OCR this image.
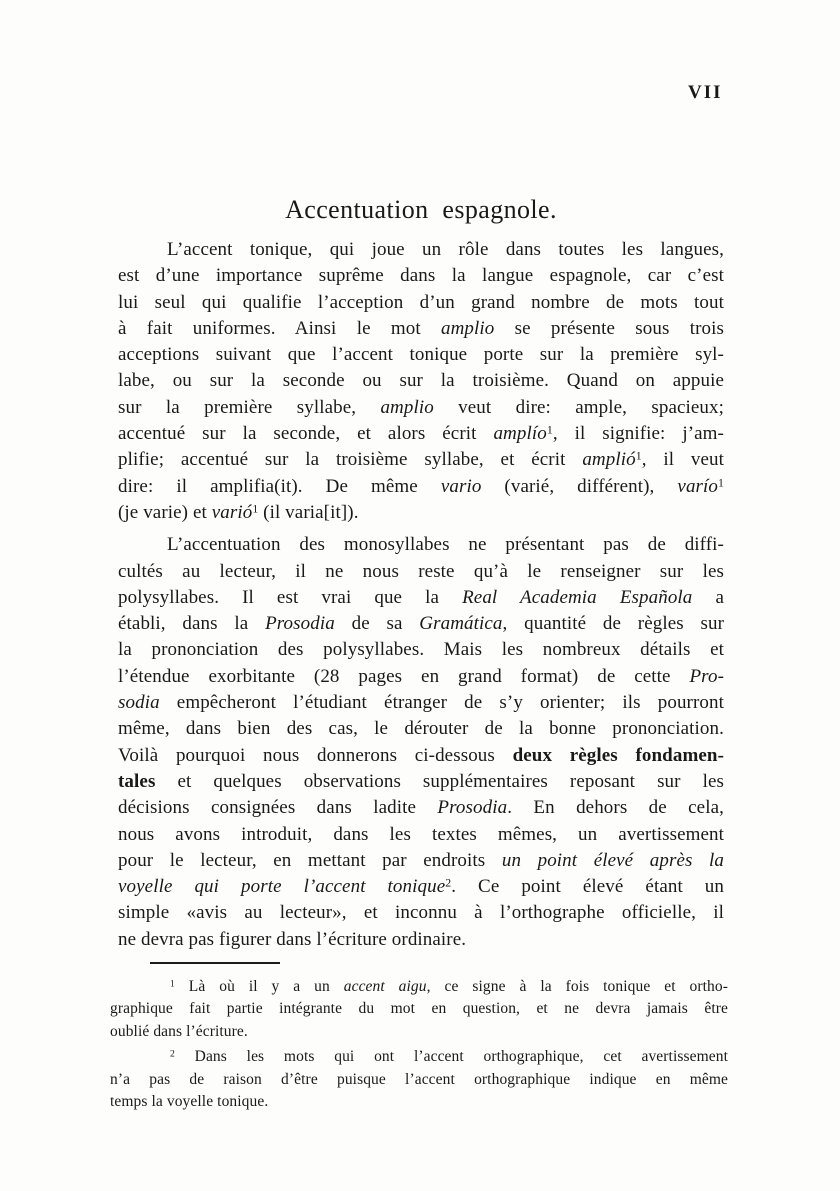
VII
Accentuation espagnole.
L’accent tonique, qui joue un rôle dans toutes les langues,
est d’une importance suprême dans la langue espagnole, car c’est
lui seul qui qualifie l’acception d’un grand nombre de mots tout
à fait uniformes. Ainsi le mot amplio se présente sous trois
acceptions suivant que l’accent tonique porte sur la première syl-
labe, ou sur la seconde ou sur la troisième. Quand on appuie
sur la première syllabe, amplio veut dire: ample, spacieux;
accentué sur la seconde, et alors écrit amplío$^1$, il signifie: j’am-
plifie; accentué sur la troisième syllabe, et écrit amplió$^1$, il veut
dire: il amplifia(it). De même vario (varié, différent), varío$^1$
(je varie) et varió$^1$ (il varia[it]).
L’accentuation des monosyllabes ne présentant pas de diffi-
cultés au lecteur, il ne nous reste qu’à le renseigner sur les
polysyllabes. Il est vrai que la Real Academia Española a
établi, dans la Prosodia de sa Gramática, quantité de règles sur
la prononciation des polysyllabes. Mais les nombreux détails et
l’étendue exorbitante (28 pages en grand format) de cette Pro-
sodia empêcheront l’étudiant étranger de s’y orienter; ils pourront
même, dans bien des cas, le dérouter de la bonne prononciation.
Voilà pourquoi nous donnerons ci-dessous deux règles fondamen-
tales et quelques observations supplémentaires reposant sur les
décisions consignées dans ladite Prosodia. En dehors de cela,
nous avons introduit, dans les textes mêmes, un avertissement
pour le lecteur, en mettant par endroits un point élevé après la
voyelle qui porte l’accent tonique$^2$. Ce point élevé étant un
simple «avis au lecteur», et inconnu à l’orthographe officielle, il
ne devra pas figurer dans l’écriture ordinaire.
$^1$ Là où il y a un accent aigu, ce signe à la fois tonique et ortho-
graphique fait partie intégrante du mot en question, et ne devra jamais être
oublié dans l’écriture.
$^2$ Dans les mots qui ont l’accent orthographique, cet avertissement
n’a pas de raison d’être puisque l’accent orthographique indique en même
temps la voyelle tonique.
